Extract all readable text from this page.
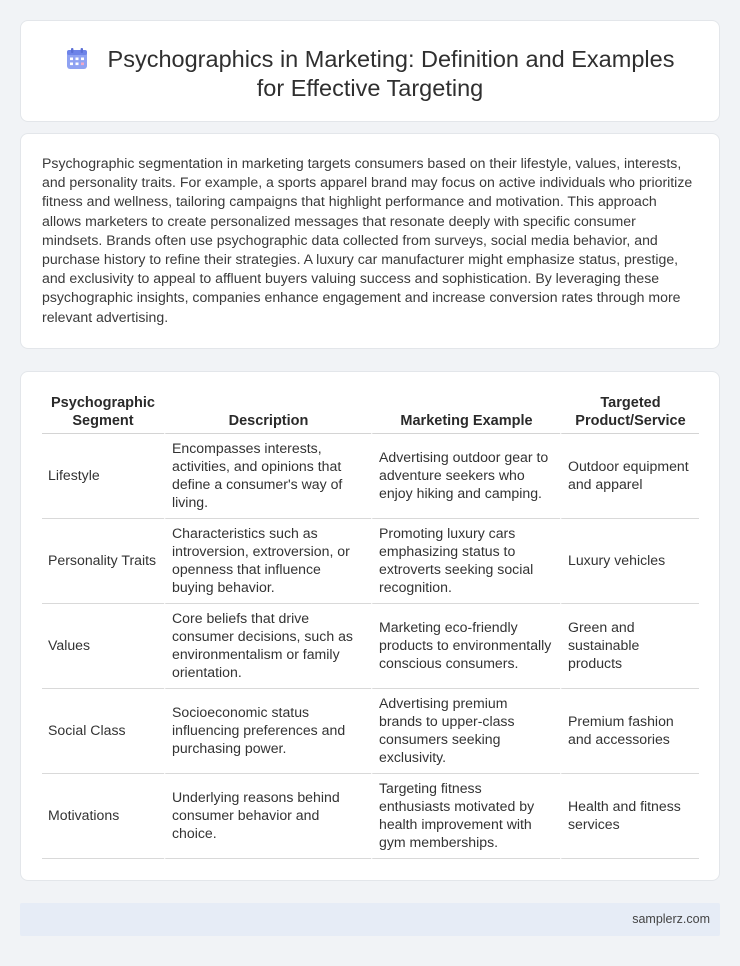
Psychographics in Marketing: Definition and Examples
for Effective Targeting

Psychographic segmentation in marketing targets consumers based on their lifestyle, values, interests, and personality traits. For example, a sports apparel brand may focus on active individuals who prioritize fitness and wellness, tailoring campaigns that highlight performance and motivation. This approach allows marketers to create personalized messages that resonate deeply with specific consumer mindsets. Brands often use psychographic data collected from surveys, social media behavior, and purchase history to refine their strategies. A luxury car manufacturer might emphasize status, prestige, and exclusivity to appeal to affluent buyers valuing success and sophistication. By leveraging these psychographic insights, companies enhance engagement and increase conversion rates through more relevant advertising.

Psychographic Segment	Description	Marketing Example	Targeted Product/Service
Lifestyle	Encompasses interests, activities, and opinions that define a consumer's way of living.	Advertising outdoor gear to adventure seekers who enjoy hiking and camping.	Outdoor equipment and apparel
Personality Traits	Characteristics such as introversion, extroversion, or openness that influence buying behavior.	Promoting luxury cars emphasizing status to extroverts seeking social recognition.	Luxury vehicles
Values	Core beliefs that drive consumer decisions, such as environmentalism or family orientation.	Marketing eco-friendly products to environmentally conscious consumers.	Green and sustainable products
Social Class	Socioeconomic status influencing preferences and purchasing power.	Advertising premium brands to upper-class consumers seeking exclusivity.	Premium fashion and accessories
Motivations	Underlying reasons behind consumer behavior and choice.	Targeting fitness enthusiasts motivated by health improvement with gym memberships.	Health and fitness services
samplerz.com
